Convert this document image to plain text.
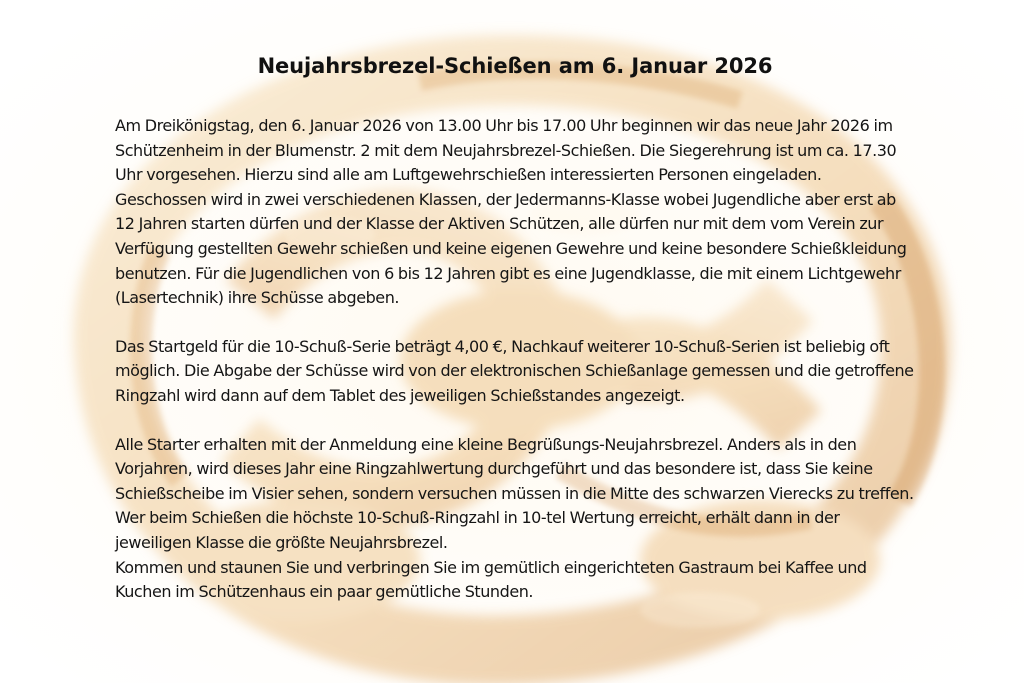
Neujahrsbrezel-Schießen am 6. Januar 2026

Am Dreikönigstag, den 6. Januar 2026 von 13.00 Uhr bis 17.00 Uhr beginnen wir das neue Jahr 2026 im Schützenheim in der Blumenstr. 2 mit dem Neujahrsbrezel-Schießen. Die Siegerehrung ist um ca. 17.30 Uhr vorgesehen. Hierzu sind alle am Luftgewehrschießen interessierten Personen eingeladen. Geschossen wird in zwei verschiedenen Klassen, der Jedermanns-Klasse wobei Jugendliche aber erst ab 12 Jahren starten dürfen und der Klasse der Aktiven Schützen, alle dürfen nur mit dem vom Verein zur Verfügung gestellten Gewehr schießen und keine eigenen Gewehre und keine besondere Schießkleidung benutzen. Für die Jugendlichen von 6 bis 12 Jahren gibt es eine Jugendklasse, die mit einem Lichtgewehr (Lasertechnik) ihre Schüsse abgeben.

Das Startgeld für die 10-Schuß-Serie beträgt 4,00 €, Nachkauf weiterer 10-Schuß-Serien ist beliebig oft möglich. Die Abgabe der Schüsse wird von der elektronischen Schießanlage gemessen und die getroffene Ringzahl wird dann auf dem Tablet des jeweiligen Schießstandes angezeigt.

Alle Starter erhalten mit der Anmeldung eine kleine Begrüßungs-Neujahrsbrezel. Anders als in den Vorjahren, wird dieses Jahr eine Ringzahlwertung durchgeführt und das besondere ist, dass Sie keine Schießscheibe im Visier sehen, sondern versuchen müssen in die Mitte des schwarzen Vierecks zu treffen. Wer beim Schießen die höchste 10-Schuß-Ringzahl in 10-tel Wertung erreicht, erhält dann in der jeweiligen Klasse die größte Neujahrsbrezel.

Kommen und staunen Sie und verbringen Sie im gemütlich eingerichteten Gastraum bei Kaffee und Kuchen im Schützenhaus ein paar gemütliche Stunden.
